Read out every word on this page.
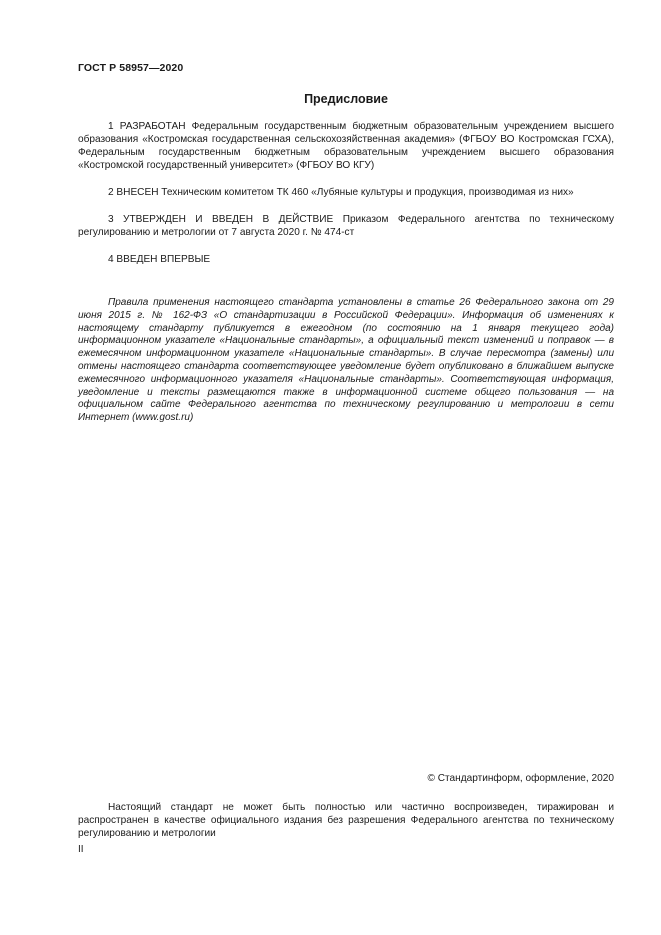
ГОСТ Р 58957—2020
Предисловие

1 РАЗРАБОТАН Федеральным государственным бюджетным образовательным учреждением высшего образования «Костромская государственная сельскохозяйственная академия» (ФГБОУ ВО Костромская ГСХА), Федеральным государственным бюджетным образовательным учреждением высшего образования «Костромской государственный университет» (ФГБОУ ВО КГУ)

2 ВНЕСЕН Техническим комитетом ТК 460 «Лубяные культуры и продукция, производимая из них»

3 УТВЕРЖДЕН И ВВЕДЕН В ДЕЙСТВИЕ Приказом Федерального агентства по техническому регулированию и метрологии от 7 августа 2020 г. № 474-ст

4 ВВЕДЕН ВПЕРВЫЕ

Правила применения настоящего стандарта установлены в статье 26 Федерального закона от 29 июня 2015 г. № 162-ФЗ «О стандартизации в Российской Федерации». Информация об изменениях к настоящему стандарту публикуется в ежегодном (по состоянию на 1 января текущего года) информационном указателе «Национальные стандарты», а официальный текст изменений и поправок — в ежемесячном информационном указателе «Национальные стандарты». В случае пересмотра (замены) или отмены настоящего стандарта соответствующее уведомление будет опубликовано в ближайшем выпуске ежемесячного информационного указателя «Национальные стандарты». Соответствующая информация, уведомление и тексты размещаются также в информационной системе общего пользования — на официальном сайте Федерального агентства по техническому регулированию и метрологии в сети Интернет (www.gost.ru)

© Стандартинформ, оформление, 2020

Настоящий стандарт не может быть полностью или частично воспроизведен, тиражирован и распространен в качестве официального издания без разрешения Федерального агентства по техническому регулированию и метрологии

II
